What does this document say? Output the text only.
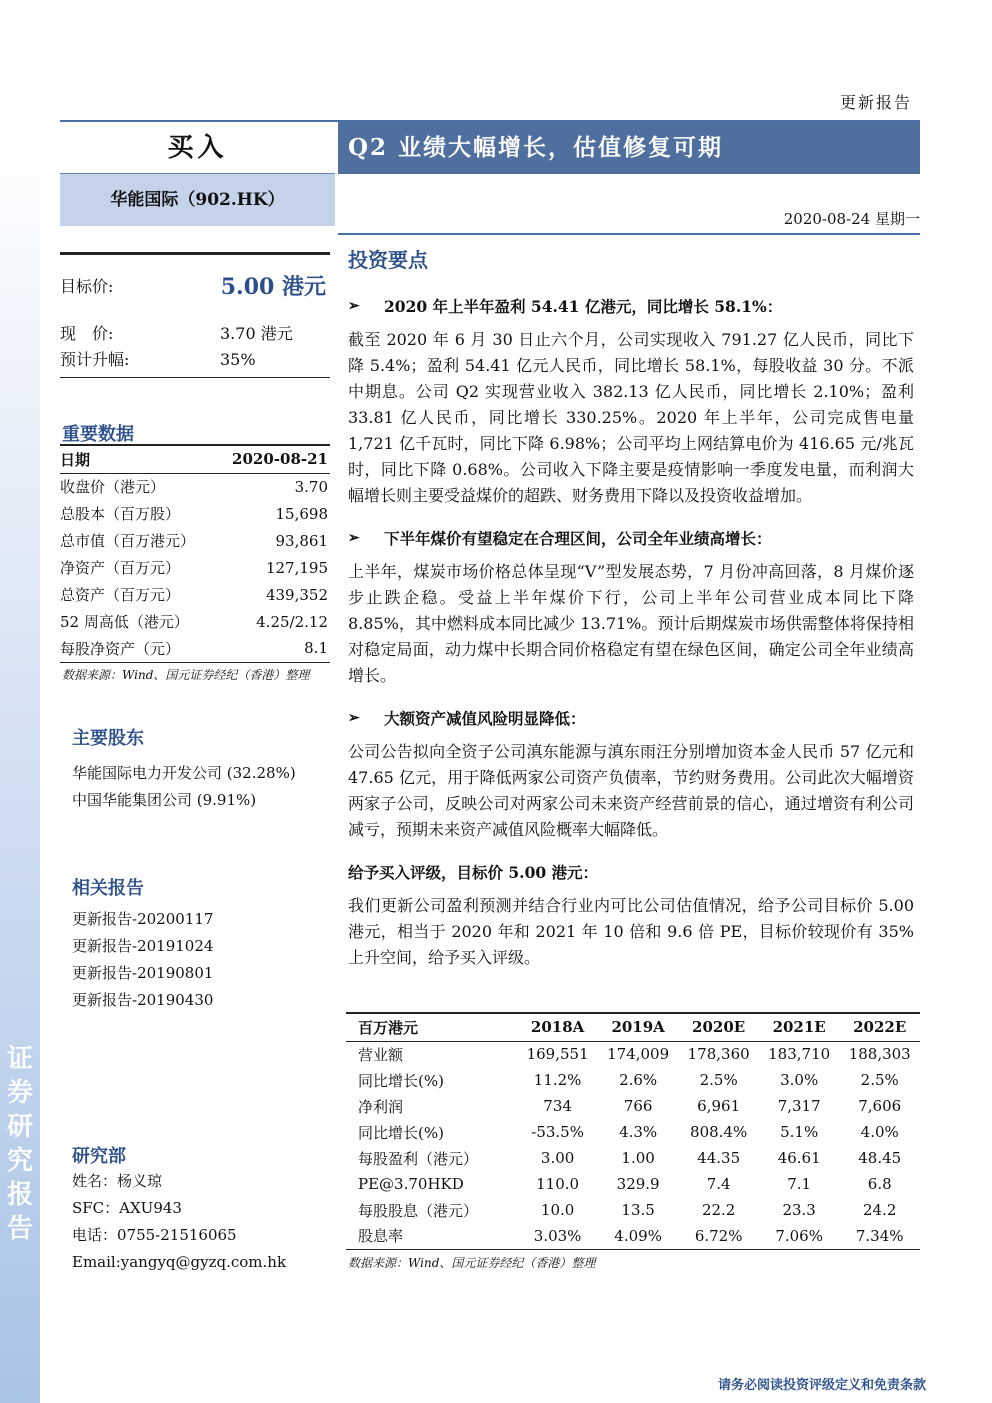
证
券
研
究
报
告
更新报告
买入	Q2 业绩大幅增长，估值修复可期
华能国际（902.HK）
2020-08-24 星期一
目标价:	5.00 港元
现　价:	3.70 港元
预计升幅:	35%
重要数据
日期	2020-08-21
收盘价（港元）	3.70
总股本（百万股）	15,698
总市值（百万港元）	93,861
净资产（百万元）	127,195
总资产（百万元）	439,352
52 周高低（港元）	4.25/2.12
每股净资产（元）	8.1
数据来源：Wind、国元证券经纪（香港）整理
主要股东
华能国际电力开发公司 (32.28%)
中国华能集团公司 (9.91%)
相关报告
更新报告-20200117
更新报告-20191024
更新报告-20190801
更新报告-20190430
研究部
姓名：杨义琼
SFC：AXU943
电话：0755-21516065
Email:yangyq@gyzq.com.hk
投资要点
➢	2020 年上半年盈利 54.41 亿港元，同比增长 58.1%：

截至 2020 年 6 月 30 日止六个月，公司实现收入 791.27 亿人民币，同比下降 5.4%；盈利 54.41 亿元人民币，同比增长 58.1%，每股收益 30 分。不派中期息。公司 Q2 实现营业收入 382.13 亿人民币，同比增长 2.10%；盈利 33.81 亿人民币，同比增长 330.25%。2020 年上半年，公司完成售电量 1,721 亿千瓦时，同比下降 6.98%；公司平均上网结算电价为 416.65 元/兆瓦时，同比下降 0.68%。公司收入下降主要是疫情影响一季度发电量，而利润大幅增长则主要受益煤价的超跌、财务费用下降以及投资收益增加。

➢	下半年煤价有望稳定在合理区间，公司全年业绩高增长：

上半年，煤炭市场价格总体呈现“V”型发展态势，7 月份冲高回落，8 月煤价逐步止跌企稳。受益上半年煤价下行，公司上半年公司营业成本同比下降 8.85%，其中燃料成本同比减少 13.71%。预计后期煤炭市场供需整体将保持相对稳定局面，动力煤中长期合同价格稳定有望在绿色区间，确定公司全年业绩高增长。

➢	大额资产减值风险明显降低：

公司公告拟向全资子公司滇东能源与滇东雨汪分别增加资本金人民币 57 亿元和 47.65 亿元，用于降低两家公司资产负债率，节约财务费用。公司此次大幅增资两家子公司，反映公司对两家公司未来资产经营前景的信心，通过增资有利公司减亏，预期未来资产减值风险概率大幅降低。

给予买入评级，目标价 5.00 港元：

我们更新公司盈利预测并结合行业内可比公司估值情况，给予公司目标价 5.00 港元，相当于 2020 年和 2021 年 10 倍和 9.6 倍 PE，目标价较现价有 35%上升空间，给予买入评级。

百万港元	2018A	2019A	2020E	2021E	2022E
营业额	169,551	174,009	178,360	183,710	188,303
同比增长(%)	11.2%	2.6%	2.5%	3.0%	2.5%
净利润	734	766	6,961	7,317	7,606
同比增长(%)	-53.5%	4.3%	808.4%	5.1%	4.0%
每股盈利（港元）	3.00	1.00	44.35	46.61	48.45
PE@3.70HKD	110.0	329.9	7.4	7.1	6.8
每股股息（港元）	10.0	13.5	22.2	23.3	24.2
股息率	3.03%	4.09%	6.72%	7.06%	7.34%
数据来源：Wind、国元证券经纪（香港）整理
请务必阅读投资评级定义和免责条款
